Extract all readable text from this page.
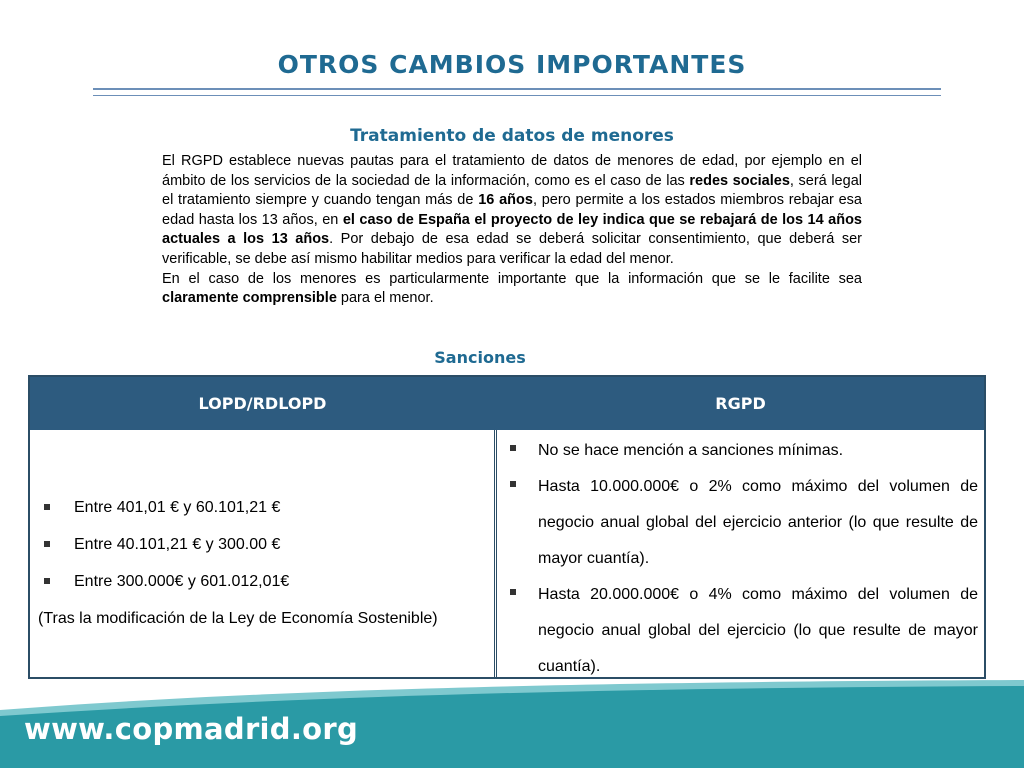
OTROS CAMBIOS IMPORTANTES
Tratamiento de datos de menores

El RGPD establece nuevas pautas para el tratamiento de datos de menores de edad, por ejemplo en el ámbito de los servicios de la sociedad de la información, como es el caso de las redes sociales, será legal el tratamiento siempre y cuando tengan más de 16 años, pero permite a los estados miembros rebajar esa edad hasta los 13 años, en el caso de España el proyecto de ley indica que se rebajará de los 14 años actuales a los 13 años. Por debajo de esa edad se deberá solicitar consentimiento, que deberá ser verificable, se debe así mismo habilitar medios para verificar la edad del menor.

En el caso de los menores es particularmente importante que la información que se le facilite sea claramente comprensible para el menor.

Sanciones
LOPD/RDLOPD	RGPD
Entre 401,01 € y 60.101,21 €
Entre 40.101,21 € y 300.00 €
Entre 300.000€ y 601.012,01€

(Tras la modificación de la Ley de Economía Sostenible)

No se hace mención a sanciones mínimas.
Hasta 10.000.000€ o 2% como máximo del volumen de negocio anual global del ejercicio anterior (lo que resulte de mayor cuantía).
Hasta 20.000.000€ o 4% como máximo del volumen de negocio anual global del ejercicio (lo que resulte de mayor cuantía).
www.copmadrid.org
